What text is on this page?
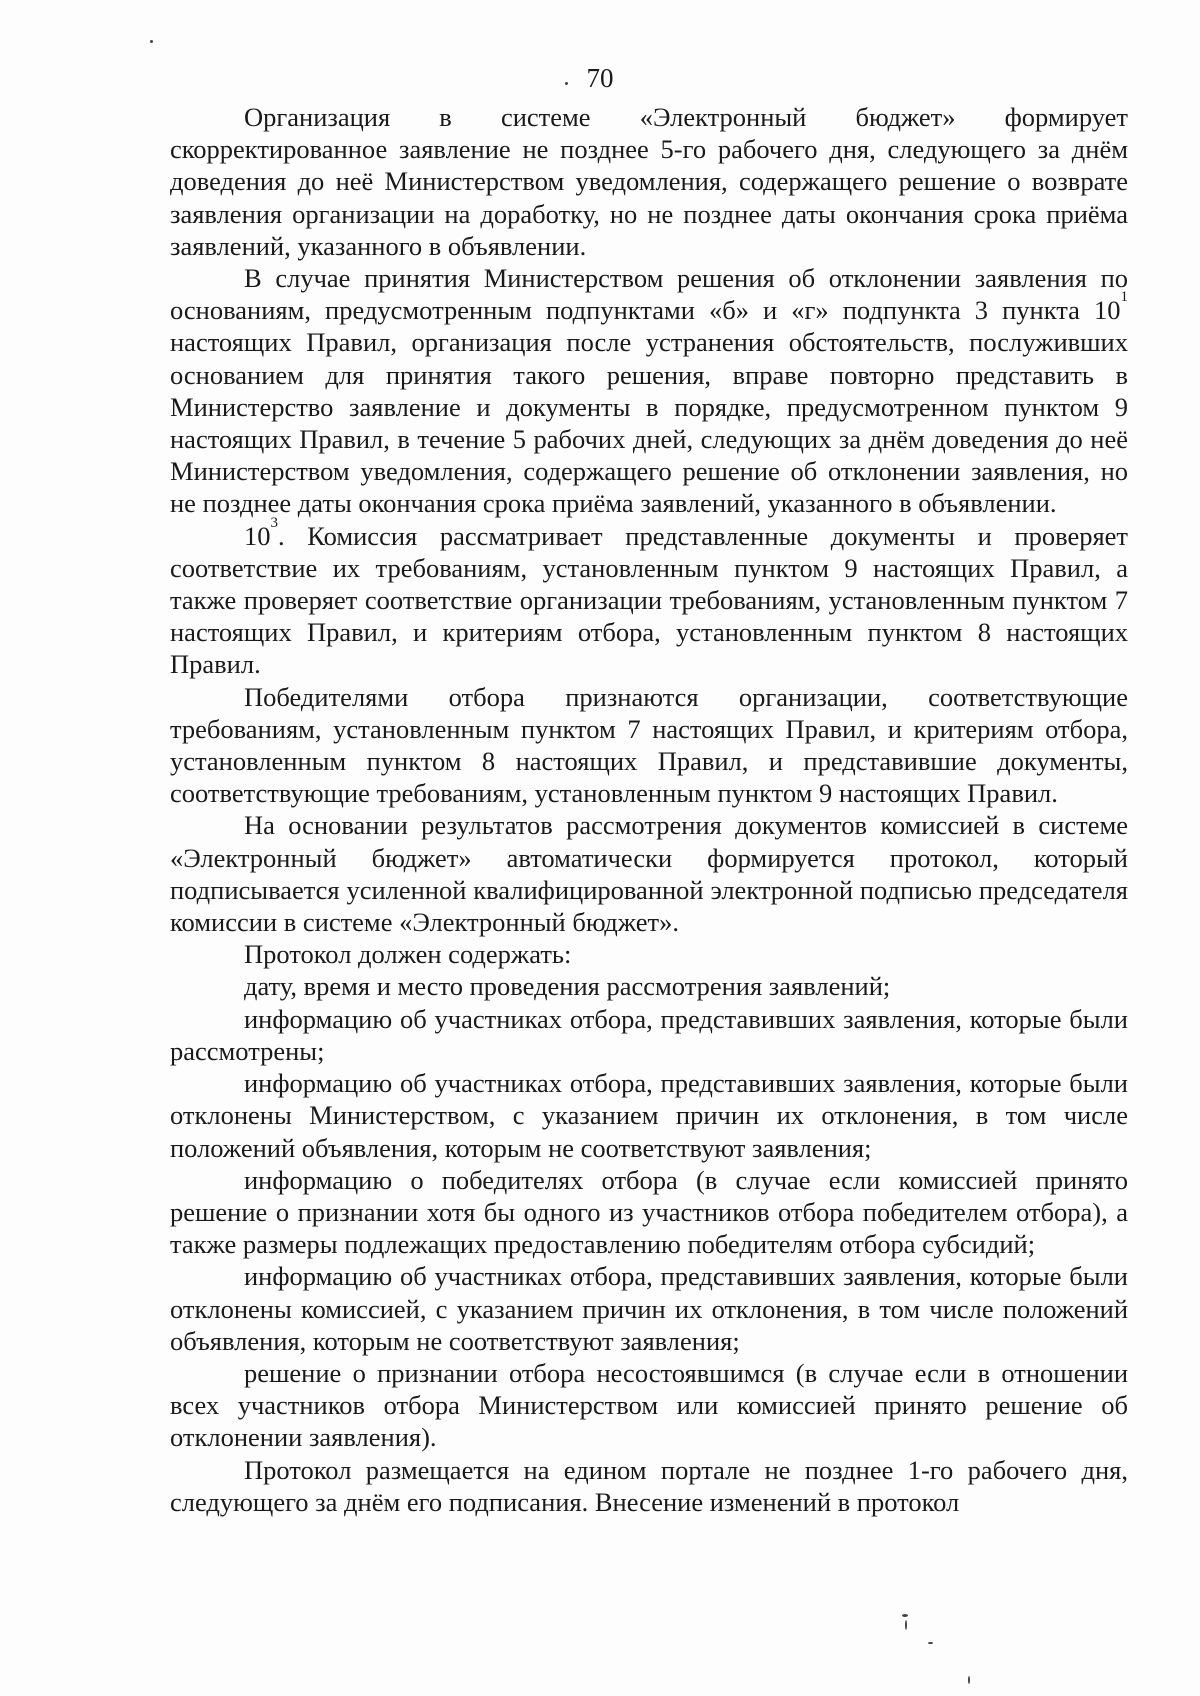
70

Организация в системе «Электронный бюджет» формирует скорректированное заявление не позднее 5-го рабочего дня, следующего за днём доведения до неё Министерством уведомления, содержащего решение о возврате заявления организации на доработку, но не позднее даты окончания срока приёма заявлений, указанного в объявлении.

В случае принятия Министерством решения об отклонении заявления по основаниям, предусмотренным подпунктами «б» и «г» подпункта 3 пункта $10^1$ настоящих Правил, организация после устранения обстоятельств, послуживших основанием для принятия такого решения, вправе повторно представить в Министерство заявление и документы в порядке, предусмотренном пунктом 9 настоящих Правил, в течение 5 рабочих дней, следующих за днём доведения до неё Министерством уведомления, содержащего решение об отклонении заявления, но не позднее даты окончания срока приёма заявлений, указанного в объявлении.

$10^3$. Комиссия рассматривает представленные документы и проверяет соответствие их требованиям, установленным пунктом 9 настоящих Правил, а также проверяет соответствие организации требованиям, установленным пунктом 7 настоящих Правил, и критериям отбора, установленным пунктом 8 настоящих Правил.

Победителями отбора признаются организации, соответствующие требованиям, установленным пунктом 7 настоящих Правил, и критериям отбора, установленным пунктом 8 настоящих Правил, и представившие документы, соответствующие требованиям, установленным пунктом 9 настоящих Правил.

На основании результатов рассмотрения документов комиссией в системе «Электронный бюджет» автоматически формируется протокол, который подписывается усиленной квалифицированной электронной подписью председателя комиссии в системе «Электронный бюджет».

Протокол должен содержать:

дату, время и место проведения рассмотрения заявлений;

информацию об участниках отбора, представивших заявления, которые были рассмотрены;

информацию об участниках отбора, представивших заявления, которые были отклонены Министерством, с указанием причин их отклонения, в том числе положений объявления, которым не соответствуют заявления;

информацию о победителях отбора (в случае если комиссией принято решение о признании хотя бы одного из участников отбора победителем отбора), а также размеры подлежащих предоставлению победителям отбора субсидий;

информацию об участниках отбора, представивших заявления, которые были отклонены комиссией, с указанием причин их отклонения, в том числе положений объявления, которым не соответствуют заявления;

решение о признании отбора несостоявшимся (в случае если в отношении всех участников отбора Министерством или комиссией принято решение об отклонении заявления).

Протокол размещается на едином портале не позднее 1-го рабочего дня, следующего за днём его подписания. Внесение изменений в протокол
